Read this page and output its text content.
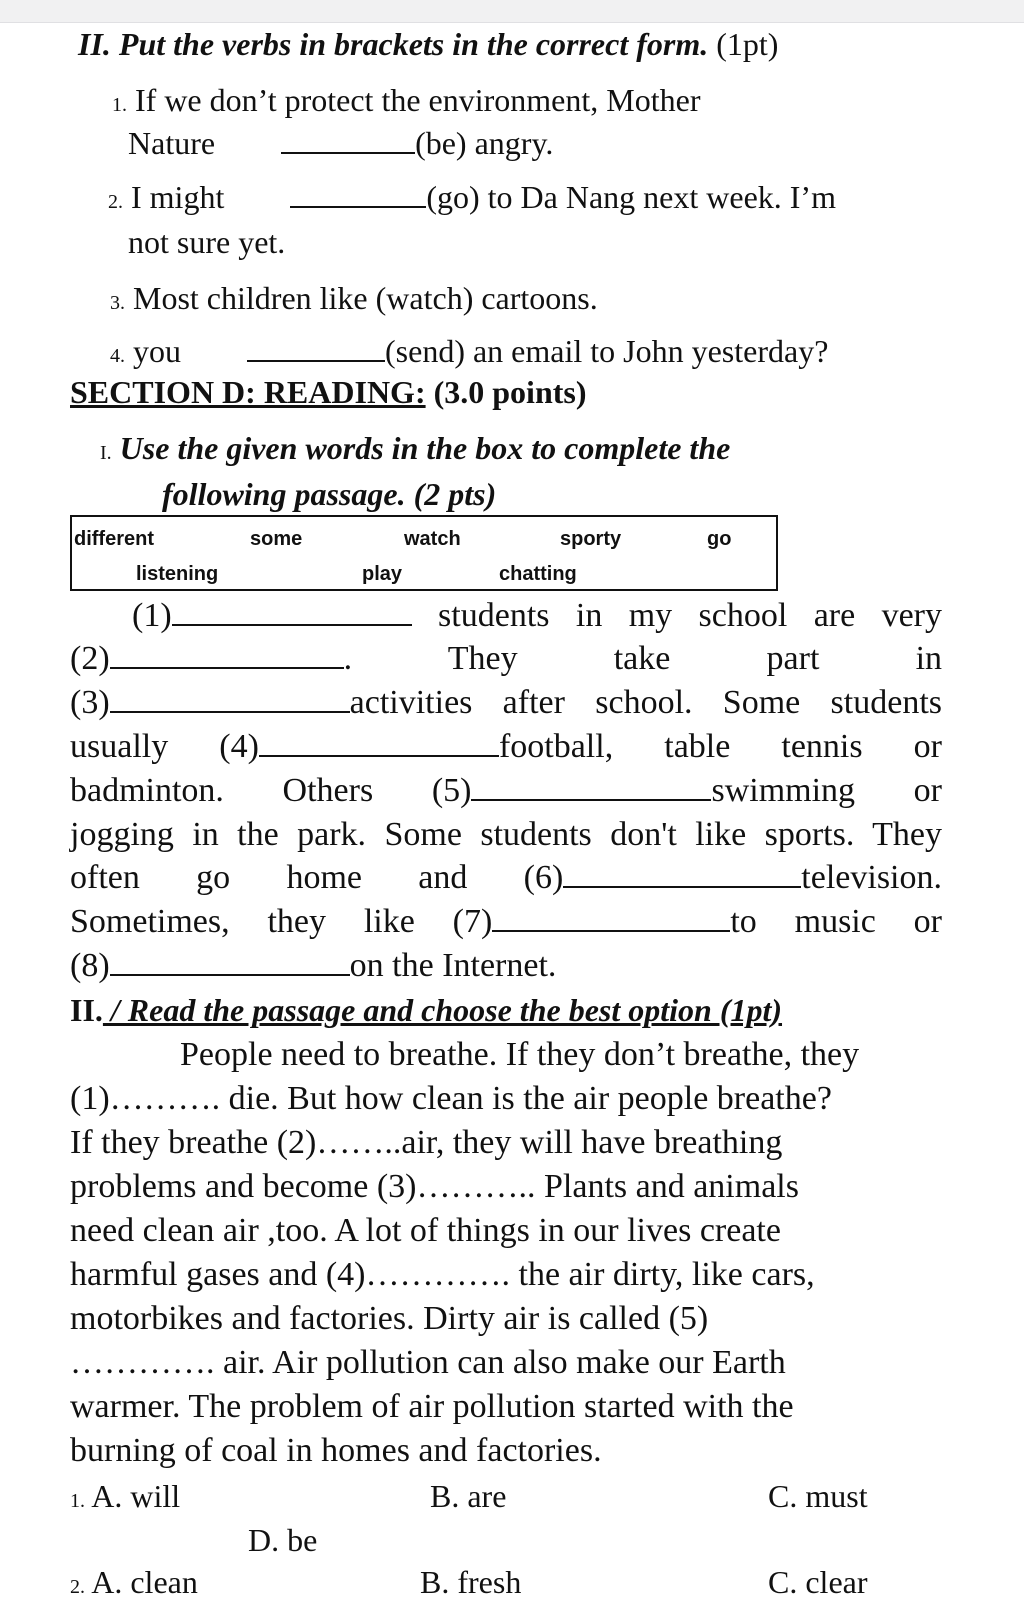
II. Put the verbs in brackets in the correct form. (1pt)
1. If we don’t protect the environment, Mother
Nature	(be) angry.
2. I might	(go) to Da Nang next week. I’m
not sure yet.
3. Most children like (watch) cartoons.
4. you	(send) an email to John yesterday?
SECTION D: READING: (3.0 points)
I. Use the given words in the box to complete the
following passage. (2 pts)
different	some	watch	sporty	go
listening	play	chatting
(1)	students in my school are very
(2)	.	They	take	part	in
(3)	activities after school. Some students
usually (4)	football, table tennis or
badminton. Others (5)	swimming or
jogging in the park. Some students don't like sports. They
often go home and (6)	television.
Sometimes, they like (7)	to music or
(8)	on the Internet.
II. / Read the passage and choose the best option (1pt)
People need to breathe. If they don’t breathe, they
(1)………. die. But how clean is the air people breathe?
If they breathe (2)……..air, they will have breathing
problems and become (3)……….. Plants and animals
need clean air ,too. A lot of things in our lives create
harmful gases and (4)…………. the air dirty, like cars,
motorbikes and factories. Dirty air is called (5)
…………. air. Air pollution can also make our Earth
warmer. The problem of air pollution started with the
burning of coal in homes and factories.
1. A. will	B. are	C. must
D. be
2. A. clean	B. fresh	C. clear
